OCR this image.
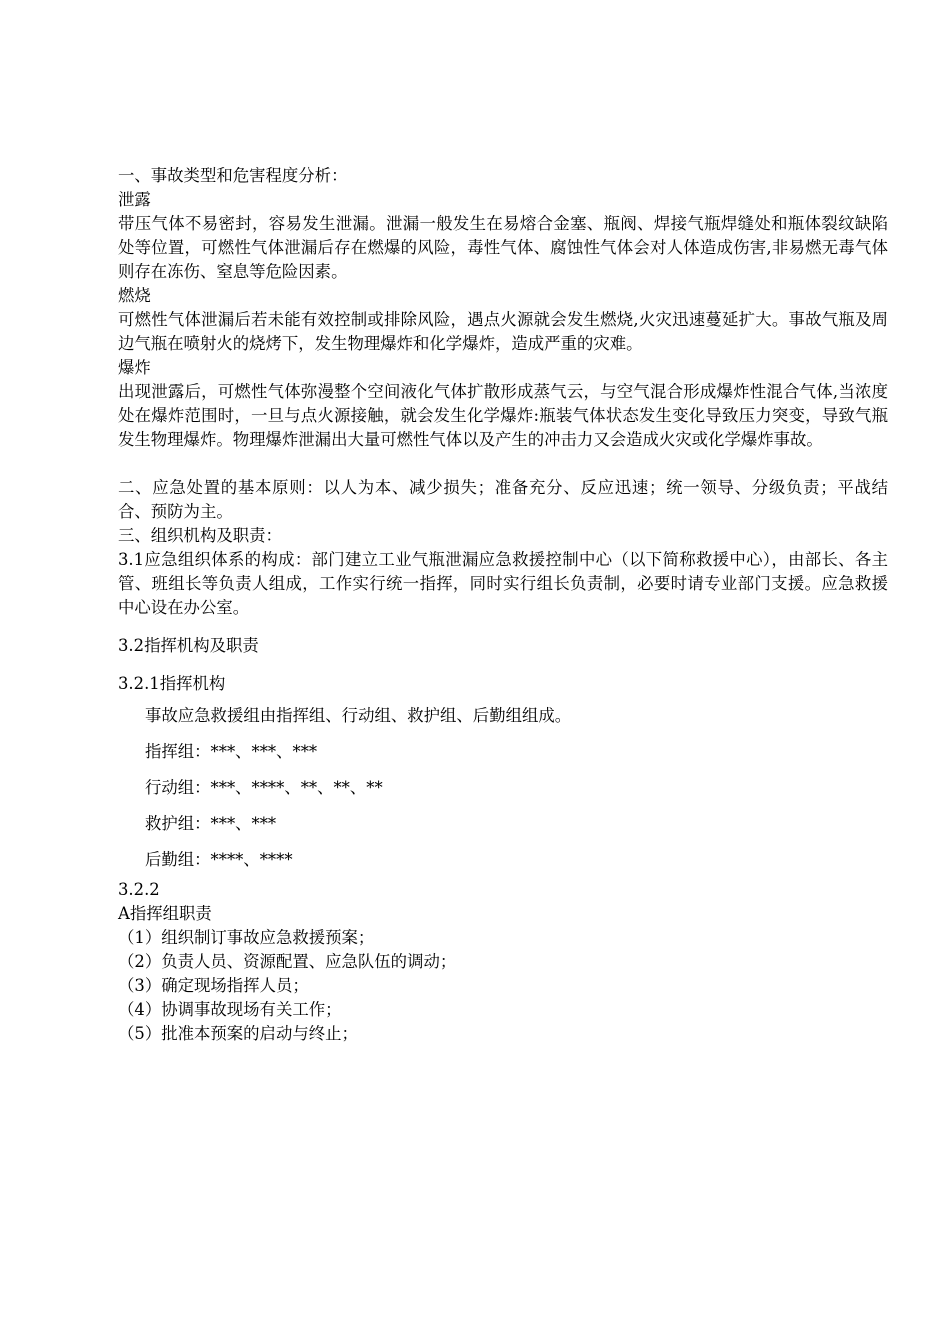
一、事故类型和危害程度分析：

泄露

带压气体不易密封，容易发生泄漏。泄漏一般发生在易熔合金塞、瓶阀、焊接气瓶焊缝处和瓶体裂纹缺陷处等位置，可燃性气体泄漏后存在燃爆的风险，毒性气体、腐蚀性气体会对人体造成伤害,非易燃无毒气体则存在冻伤、窒息等危险因素。

燃烧

可燃性气体泄漏后若未能有效控制或排除风险，遇点火源就会发生燃烧,火灾迅速蔓延扩大。事故气瓶及周边气瓶在喷射火的烧烤下，发生物理爆炸和化学爆炸，造成严重的灾难。

爆炸

出现泄露后，可燃性气体弥漫整个空间液化气体扩散形成蒸气云，与空气混合形成爆炸性混合气体,当浓度处在爆炸范围时，一旦与点火源接触，就会发生化学爆炸:瓶装气体状态发生变化导致压力突变，导致气瓶发生物理爆炸。物理爆炸泄漏出大量可燃性气体以及产生的冲击力又会造成火灾或化学爆炸事故。

二、应急处置的基本原则：以人为本、减少损失；准备充分、反应迅速；统一领导、分级负责；平战结合、预防为主。

三、组织机构及职责：

3.1应急组织体系的构成：部门建立工业气瓶泄漏应急救援控制中心（以下简称救援中心），由部长、各主管、班组长等负责人组成，工作实行统一指挥，同时实行组长负责制，必要时请专业部门支援。应急救援中心设在办公室。

3.2指挥机构及职责

3.2.1指挥机构

事故应急救援组由指挥组、行动组、救护组、后勤组组成。

指挥组：***、***、***

行动组：***、****、**、**、**

救护组：***、***

后勤组：****、****

3.2.2

A指挥组职责

（1）组织制订事故应急救援预案；

（2）负责人员、资源配置、应急队伍的调动；

（3）确定现场指挥人员；

（4）协调事故现场有关工作；

（5）批准本预案的启动与终止；
